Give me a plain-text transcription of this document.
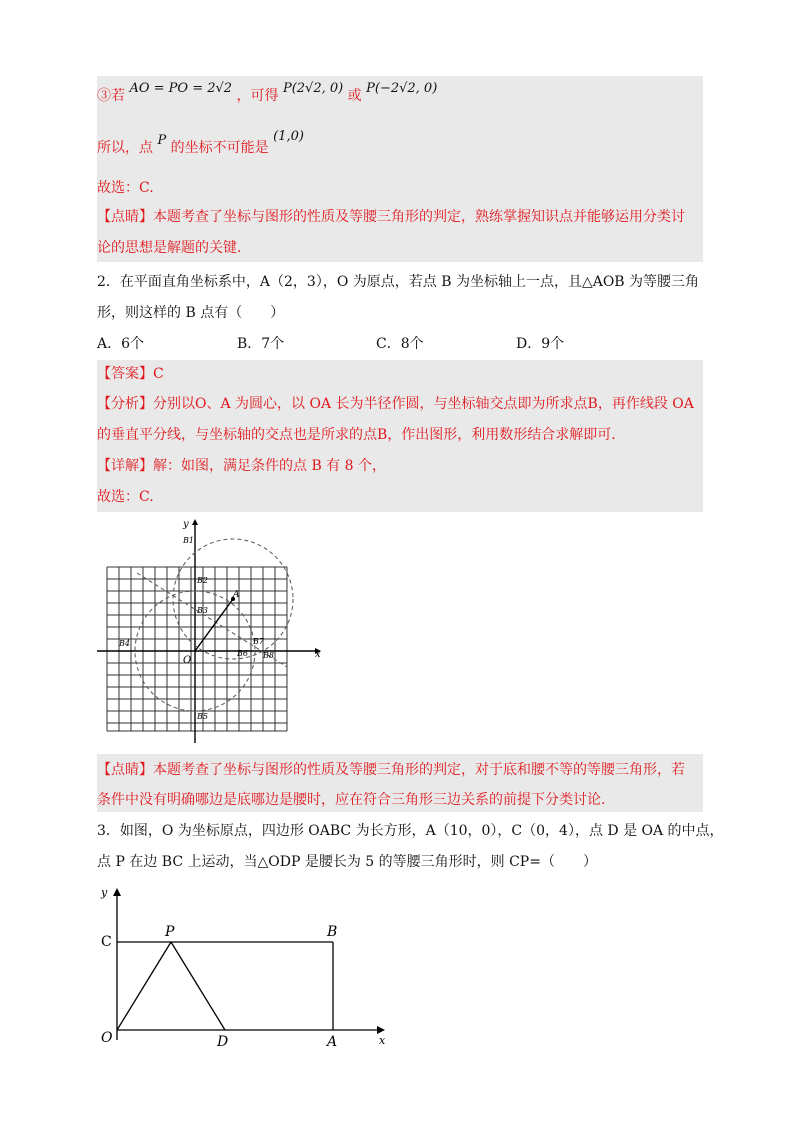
③若 AO = PO = 2√2 ，可得 P(2√2, 0) 或 P(−2√2, 0)
所以，点 P 的坐标不可能是 (1,0)
故选：C.
【点睛】本题考查了坐标与图形的性质及等腰三角形的判定，熟练掌握知识点并能够运用分类讨
论的思想是解题的关键.
2．在平面直角坐标系中，A（2，3），O 为原点，若点 B 为坐标轴上一点，且△AOB 为等腰三角
形，则这样的 B 点有（　　）
A．6个	B．7个	C．8个	D．9个
【答案】C
【分析】分别以O、A 为圆心，以 OA 长为半径作圆，与坐标轴交点即为所求点B，再作线段 OA
的垂直平分线，与坐标轴的交点也是所求的点B，作出图形，利用数形结合求解即可.
【详解】解：如图，满足条件的点 B 有 8 个，
故选：C.
y
x
O
A
B1
B2
B3
B4
B5
B6
B7
B8
【点睛】本题考查了坐标与图形的性质及等腰三角形的判定，对于底和腰不等的等腰三角形，若
条件中没有明确哪边是底哪边是腰时，应在符合三角形三边关系的前提下分类讨论.
3．如图，O 为坐标原点，四边形 OABC 为长方形，A（10，0），C（0，4），点 D 是 OA 的中点，
点 P 在边 BC 上运动，当△ODP 是腰长为 5 的等腰三角形时，则 CP=（　　）
y
x
C
P	B
O	D	A
